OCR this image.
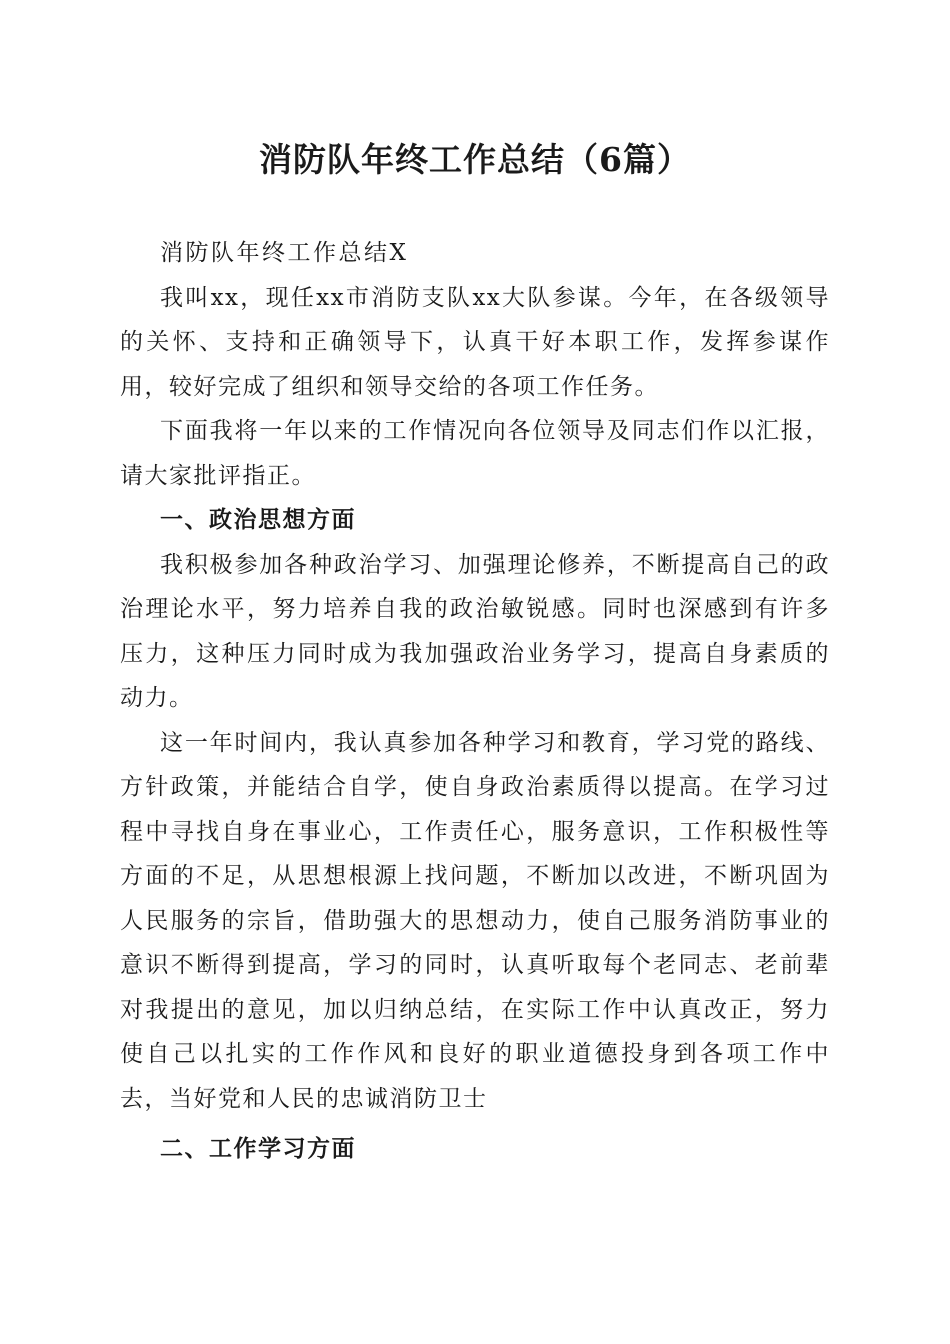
消防队年终工作总结（6篇）

消防队年终工作总结X

我叫xx，现任xx市消防支队xx大队参谋。今年，在各级领导的关怀、支持和正确领导下，认真干好本职工作，发挥参谋作用，较好完成了组织和领导交给的各项工作任务。

下面我将一年以来的工作情况向各位领导及同志们作以汇报，请大家批评指正。

一、政治思想方面

我积极参加各种政治学习、加强理论修养，不断提高自己的政治理论水平，努力培养自我的政治敏锐感。同时也深感到有许多压力，这种压力同时成为我加强政治业务学习，提高自身素质的动力。

这一年时间内，我认真参加各种学习和教育，学习党的路线、方针政策，并能结合自学，使自身政治素质得以提高。在学习过程中寻找自身在事业心，工作责任心，服务意识，工作积极性等方面的不足，从思想根源上找问题，不断加以改进，不断巩固为人民服务的宗旨，借助强大的思想动力，使自己服务消防事业的意识不断得到提高，学习的同时，认真听取每个老同志、老前辈对我提出的意见，加以归纳总结，在实际工作中认真改正，努力使自己以扎实的工作作风和良好的职业道德投身到各项工作中去，当好党和人民的忠诚消防卫士

二、工作学习方面
